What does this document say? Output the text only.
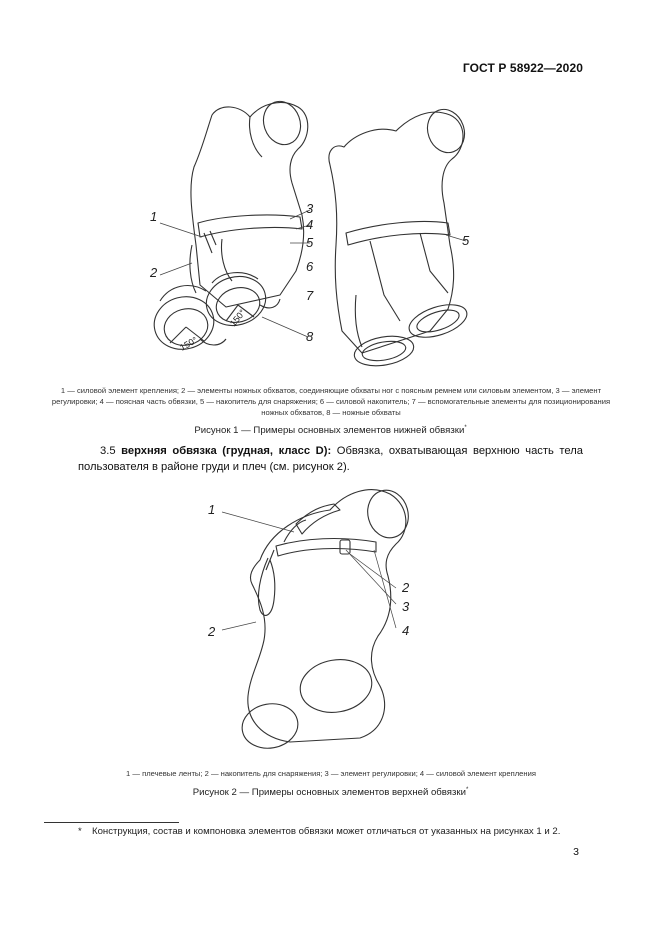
ГОСТ Р 58922—2020
1
2
3
4
5
6
7
8
5
150°
150°
1 — силовой элемент крепления; 2 — элементы ножных обхватов, соединяющие обхваты ног с поясным ремнем или силовым элементом, 3 — элемент регулировки; 4 — поясная часть обвязки, 5 — накопитель для снаряжения; 6 — силовой накопитель; 7 — вспомогательные элементы для позиционирования ножных обхватов, 8 — ножные обхваты
Рисунок 1 — Примеры основных элементов нижней обвязки*
3.5 верхняя обвязка (грудная, класс D): Обвязка, охватывающая верхнюю часть тела пользователя в районе груди и плеч (см. рисунок 2).
1
2
2
3
4
1 — плечевые ленты; 2 — накопитель для снаряжения; 3 — элемент регулировки; 4 — силовой элемент крепления
Рисунок 2 — Примеры основных элементов верхней обвязки*
* Конструкция, состав и компоновка элементов обвязки может отличаться от указанных на рисунках 1 и 2.
3
